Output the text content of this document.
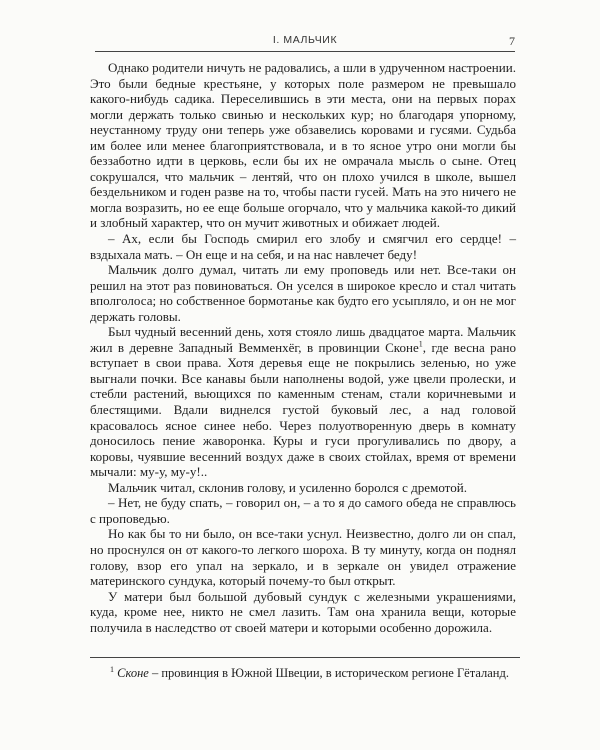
I. МАЛЬЧИК	7

Однако родители ничуть не радовались, а шли в удрученном настроении. Это были бедные крестьяне, у которых поле размером не превышало какого-нибудь садика. Переселившись в эти места, они на первых порах могли держать только свинью и нескольких кур; но благодаря упорному, неустанному труду они теперь уже обзавелись коровами и гусями. Судьба им более или менее благоприятствовала, и в то ясное утро они могли бы беззаботно идти в церковь, если бы их не омрачала мысль о сыне. Отец сокрушался, что мальчик – лентяй, что он плохо учился в школе, вышел бездельником и годен разве на то, чтобы пасти гусей. Мать на это ничего не могла возразить, но ее еще больше огорчало, что у мальчика какой-то дикий и злобный характер, что он мучит животных и обижает людей.

– Ах, если бы Господь смирил его злобу и смягчил его сердце! – вздыхала мать. – Он еще и на себя, и на нас навлечет беду!

Мальчик долго думал, читать ли ему проповедь или нет. Все-таки он решил на этот раз повиноваться. Он уселся в широкое кресло и стал читать вполголоса; но собственное бормотанье как будто его усыпляло, и он не мог держать головы.

Был чудный весенний день, хотя стояло лишь двадцатое марта. Мальчик жил в деревне Западный Вемменхёг, в провинции Сконе$^1$, где весна рано вступает в свои права. Хотя деревья еще не покрылись зеленью, но уже выгнали почки. Все канавы были наполнены водой, уже цвели пролески, и стебли растений, вьющихся по каменным стенам, стали коричневыми и блестящими. Вдали виднелся густой буковый лес, а над головой красовалось ясное синее небо. Через полуотворенную дверь в комнату доносилось пение жаворонка. Куры и гуси прогуливались по двору, а коровы, чуявшие весенний воздух даже в своих стойлах, время от времени мычали: му-у, му-у!..

Мальчик читал, склонив голову, и усиленно боролся с дремотой.

– Нет, не буду спать, – говорил он, – а то я до самого обеда не справлюсь с проповедью.

Но как бы то ни было, он все-таки уснул. Неизвестно, долго ли он спал, но проснулся он от какого-то легкого шороха. В ту минуту, когда он поднял голову, взор его упал на зеркало, и в зеркале он увидел отражение материнского сундука, который почему-то был открыт.

У матери был большой дубовый сундук с железными украшениями, куда, кроме нее, никто не смел лазить. Там она хранила вещи, которые получила в наследство от своей матери и которыми особенно дорожила.

$^1$ Сконе – провинция в Южной Швеции, в историческом регионе Гёталанд.
